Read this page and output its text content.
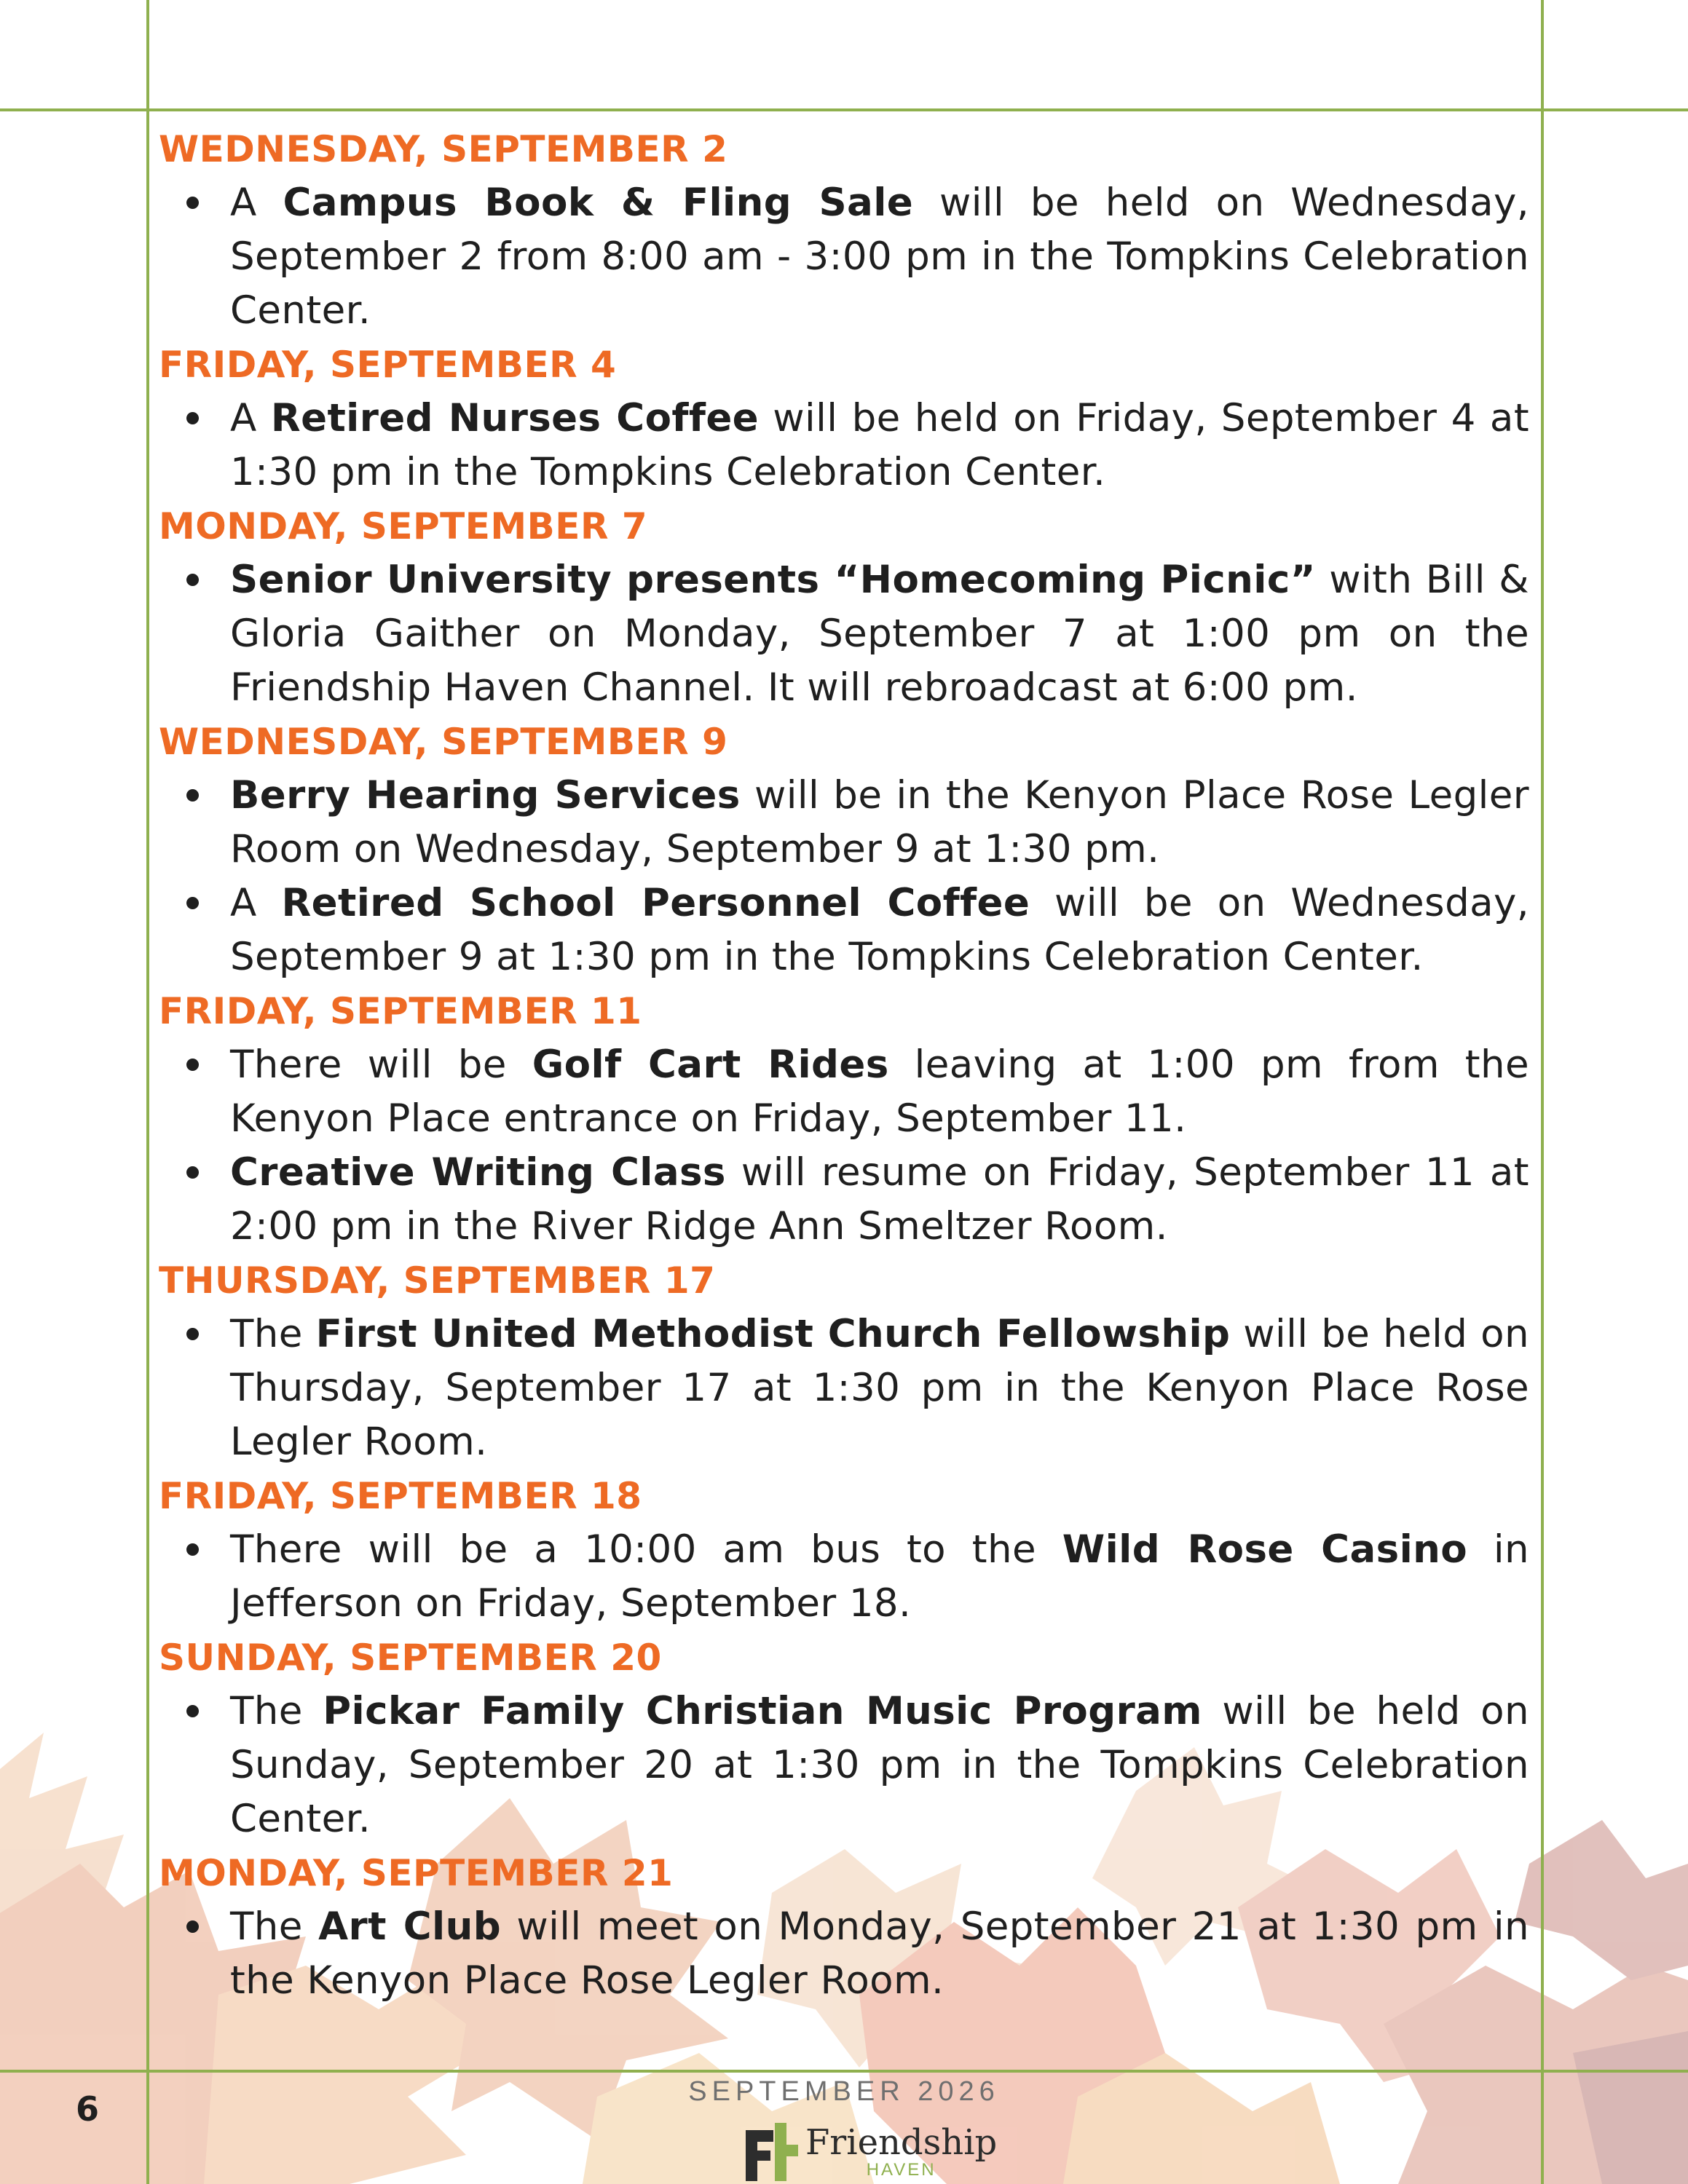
WEDNESDAY, SEPTEMBER 2
A Campus Book & Fling Sale will be held on Wednesday, September 2 from 8:00 am - 3:00 pm in the Tompkins Celebration Center.
FRIDAY, SEPTEMBER 4
A Retired Nurses Coffee will be held on Friday, September 4 at 1:30 pm in the Tompkins Celebration Center.
MONDAY, SEPTEMBER 7
Senior University presents “Homecoming Picnic” with Bill & Gloria Gaither on Monday, September 7 at 1:00 pm on the Friendship Haven Channel. It will rebroadcast at 6:00 pm.
WEDNESDAY, SEPTEMBER 9
Berry Hearing Services will be in the Kenyon Place Rose Legler Room on Wednesday, September 9 at 1:30 pm.
A Retired School Personnel Coffee will be on Wednesday, September 9 at 1:30 pm in the Tompkins Celebration Center.
FRIDAY, SEPTEMBER 11
There will be Golf Cart Rides leaving at 1:00 pm from the Kenyon Place entrance on Friday, September 11.
Creative Writing Class will resume on Friday, September 11 at 2:00 pm in the River Ridge Ann Smeltzer Room.
THURSDAY, SEPTEMBER 17
The First United Methodist Church Fellowship will be held on Thursday, September 17 at 1:30 pm in the Kenyon Place Rose Legler Room.
FRIDAY, SEPTEMBER 18
There will be a 10:00 am bus to the Wild Rose Casino in Jefferson on Friday, September 18.
SUNDAY, SEPTEMBER 20
The Pickar Family Christian Music Program will be held on Sunday, September 20 at 1:30 pm in the Tompkins Celebration Center.
MONDAY, SEPTEMBER 21
The Art Club will meet on Monday, September 21 at 1:30 pm in the Kenyon Place Rose Legler Room.
6	SEPTEMBER 2026
Friendship
HAVEN
